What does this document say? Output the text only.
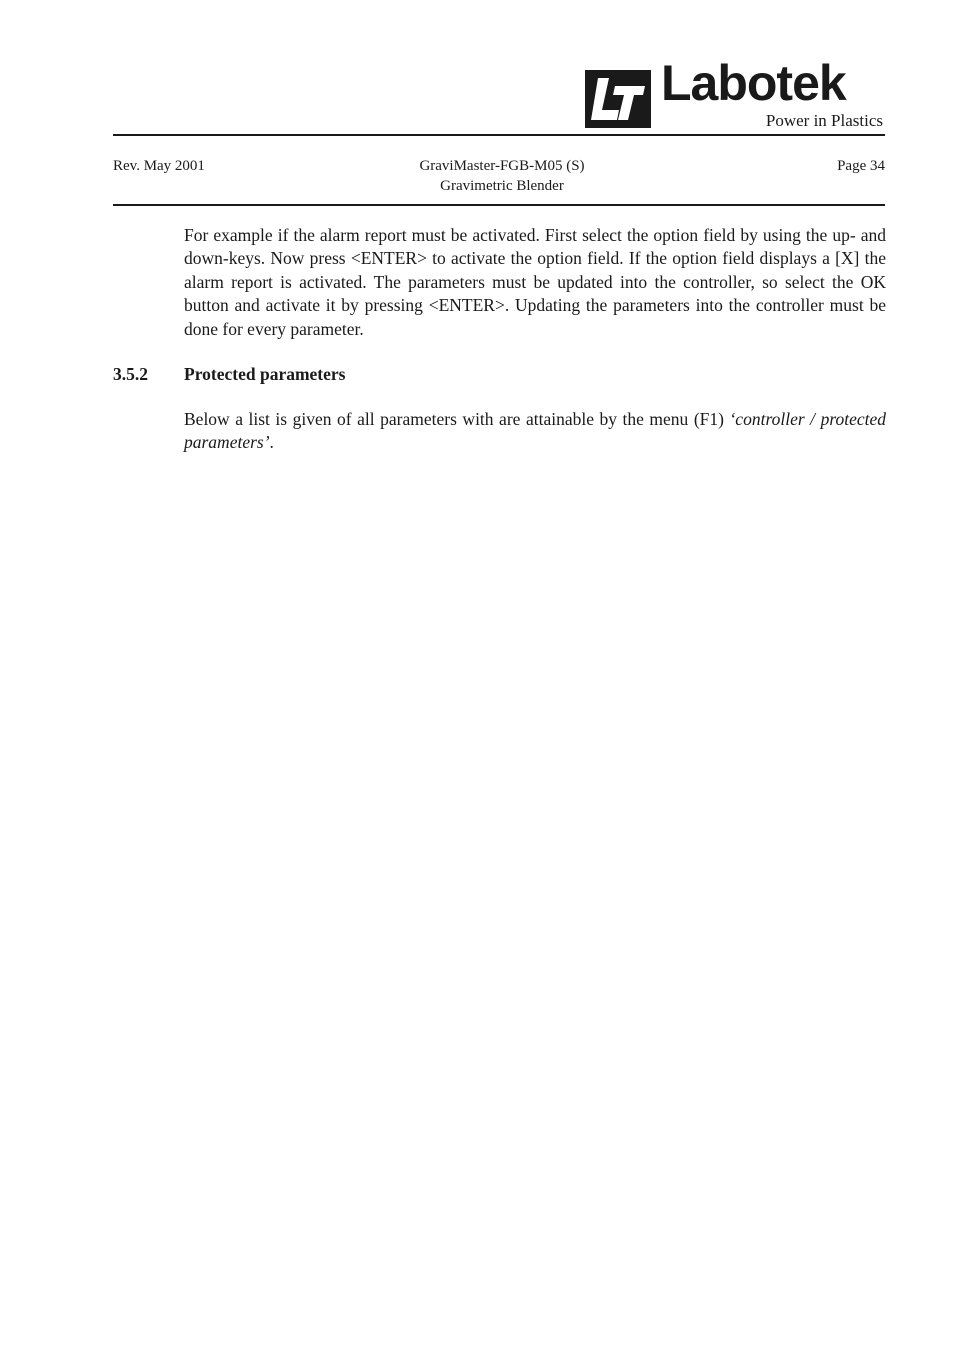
Labotek
Power in Plastics
Rev. May 2001	GraviMaster-FGB-M05 (S)
Gravimetric Blender
Page 34

For example if the alarm report must be activated. First select the option field by using the up- and down-keys. Now press <ENTER> to activate the option field. If the option field displays a [X] the alarm report is activated. The parameters must be updated into the controller, so select the OK button and activate it by pressing <ENTER>. Updating the parameters into the controller must be done for every parameter.

3.5.2 Protected parameters

Below a list is given of all parameters with are attainable by the menu (F1) ‘controller / protected parameters’.
